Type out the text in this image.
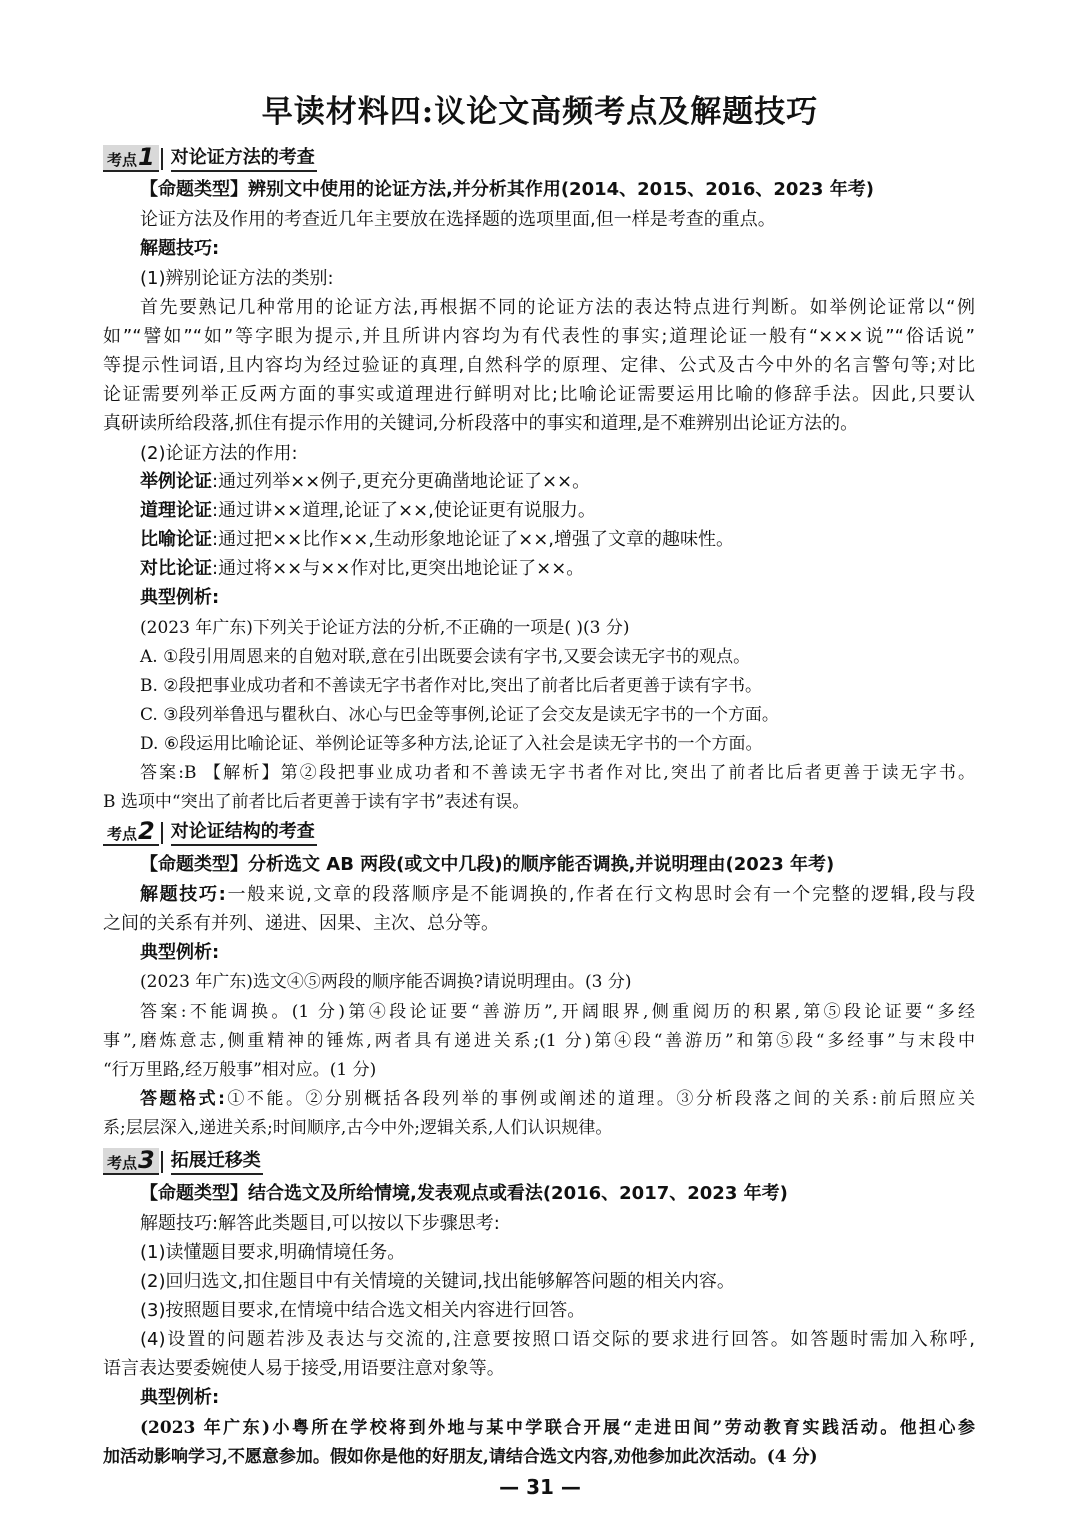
早读材料四:议论文高频考点及解题技巧
考点 1 对论证方法的考查
【命题类型】辨别文中使用的论证方法,并分析其作用(2014、2015、2016、2023 年考)
论证方法及作用的考查近几年主要放在选择题的选项里面,但一样是考查的重点。
解题技巧:
(1)辨别论证方法的类别:
首先要熟记几种常用的论证方法,再根据不同的论证方法的表达特点进行判断。如举例论证常以“例
如”“譬如”“如”等字眼为提示,并且所讲内容均为有代表性的事实;道理论证一般有“×××说”“俗话说”
等提示性词语,且内容均为经过验证的真理,自然科学的原理、定律、公式及古今中外的名言警句等;对比
论证需要列举正反两方面的事实或道理进行鲜明对比;比喻论证需要运用比喻的修辞手法。因此,只要认
真研读所给段落,抓住有提示作用的关键词,分析段落中的事实和道理,是不难辨别出论证方法的。
(2)论证方法的作用:
举例论证:通过列举××例子,更充分更确凿地论证了××。
道理论证:通过讲××道理,论证了××,使论证更有说服力。
比喻论证:通过把××比作××,生动形象地论证了××,增强了文章的趣味性。
对比论证:通过将××与××作对比,更突出地论证了××。
典型例析:
(2023 年广东)下列关于论证方法的分析,不正确的一项是( )(3 分)
A. ①段引用周恩来的自勉对联,意在引出既要会读有字书,又要会读无字书的观点。
B. ②段把事业成功者和不善读无字书者作对比,突出了前者比后者更善于读有字书。
C. ③段列举鲁迅与瞿秋白、冰心与巴金等事例,论证了会交友是读无字书的一个方面。
D. ⑥段运用比喻论证、举例论证等多种方法,论证了入社会是读无字书的一个方面。
答案:B 【解析】第②段把事业成功者和不善读无字书者作对比,突出了前者比后者更善于读无字书。
B 选项中“突出了前者比后者更善于读有字书”表述有误。
考点 2 对论证结构的考查
【命题类型】分析选文 AB 两段(或文中几段)的顺序能否调换,并说明理由(2023 年考)
解题技巧:一般来说,文章的段落顺序是不能调换的,作者在行文构思时会有一个完整的逻辑,段与段
之间的关系有并列、递进、因果、主次、总分等。
典型例析:
(2023 年广东)选文④⑤两段的顺序能否调换?请说明理由。(3 分)
答案:不能调换。(1 分)第④段论证要“善游历”,开阔眼界,侧重阅历的积累,第⑤段论证要“多经
事”,磨炼意志,侧重精神的锤炼,两者具有递进关系;(1 分)第④段“善游历”和第⑤段“多经事”与末段中
“行万里路,经万般事”相对应。(1 分)
答题格式:①不能。②分别概括各段列举的事例或阐述的道理。③分析段落之间的关系:前后照应关
系;层层深入,递进关系;时间顺序,古今中外;逻辑关系,人们认识规律。
考点 3 拓展迁移类
【命题类型】结合选文及所给情境,发表观点或看法(2016、2017、2023 年考)
解题技巧:解答此类题目,可以按以下步骤思考:
(1)读懂题目要求,明确情境任务。
(2)回归选文,扣住题目中有关情境的关键词,找出能够解答问题的相关内容。
(3)按照题目要求,在情境中结合选文相关内容进行回答。
(4)设置的问题若涉及表达与交流的,注意要按照口语交际的要求进行回答。如答题时需加入称呼,
语言表达要委婉使人易于接受,用语要注意对象等。
典型例析:
(2023 年广东)小粤所在学校将到外地与某中学联合开展“走进田间”劳动教育实践活动。他担心参
加活动影响学习,不愿意参加。假如你是他的好朋友,请结合选文内容,劝他参加此次活动。(4 分)
— 31 —
